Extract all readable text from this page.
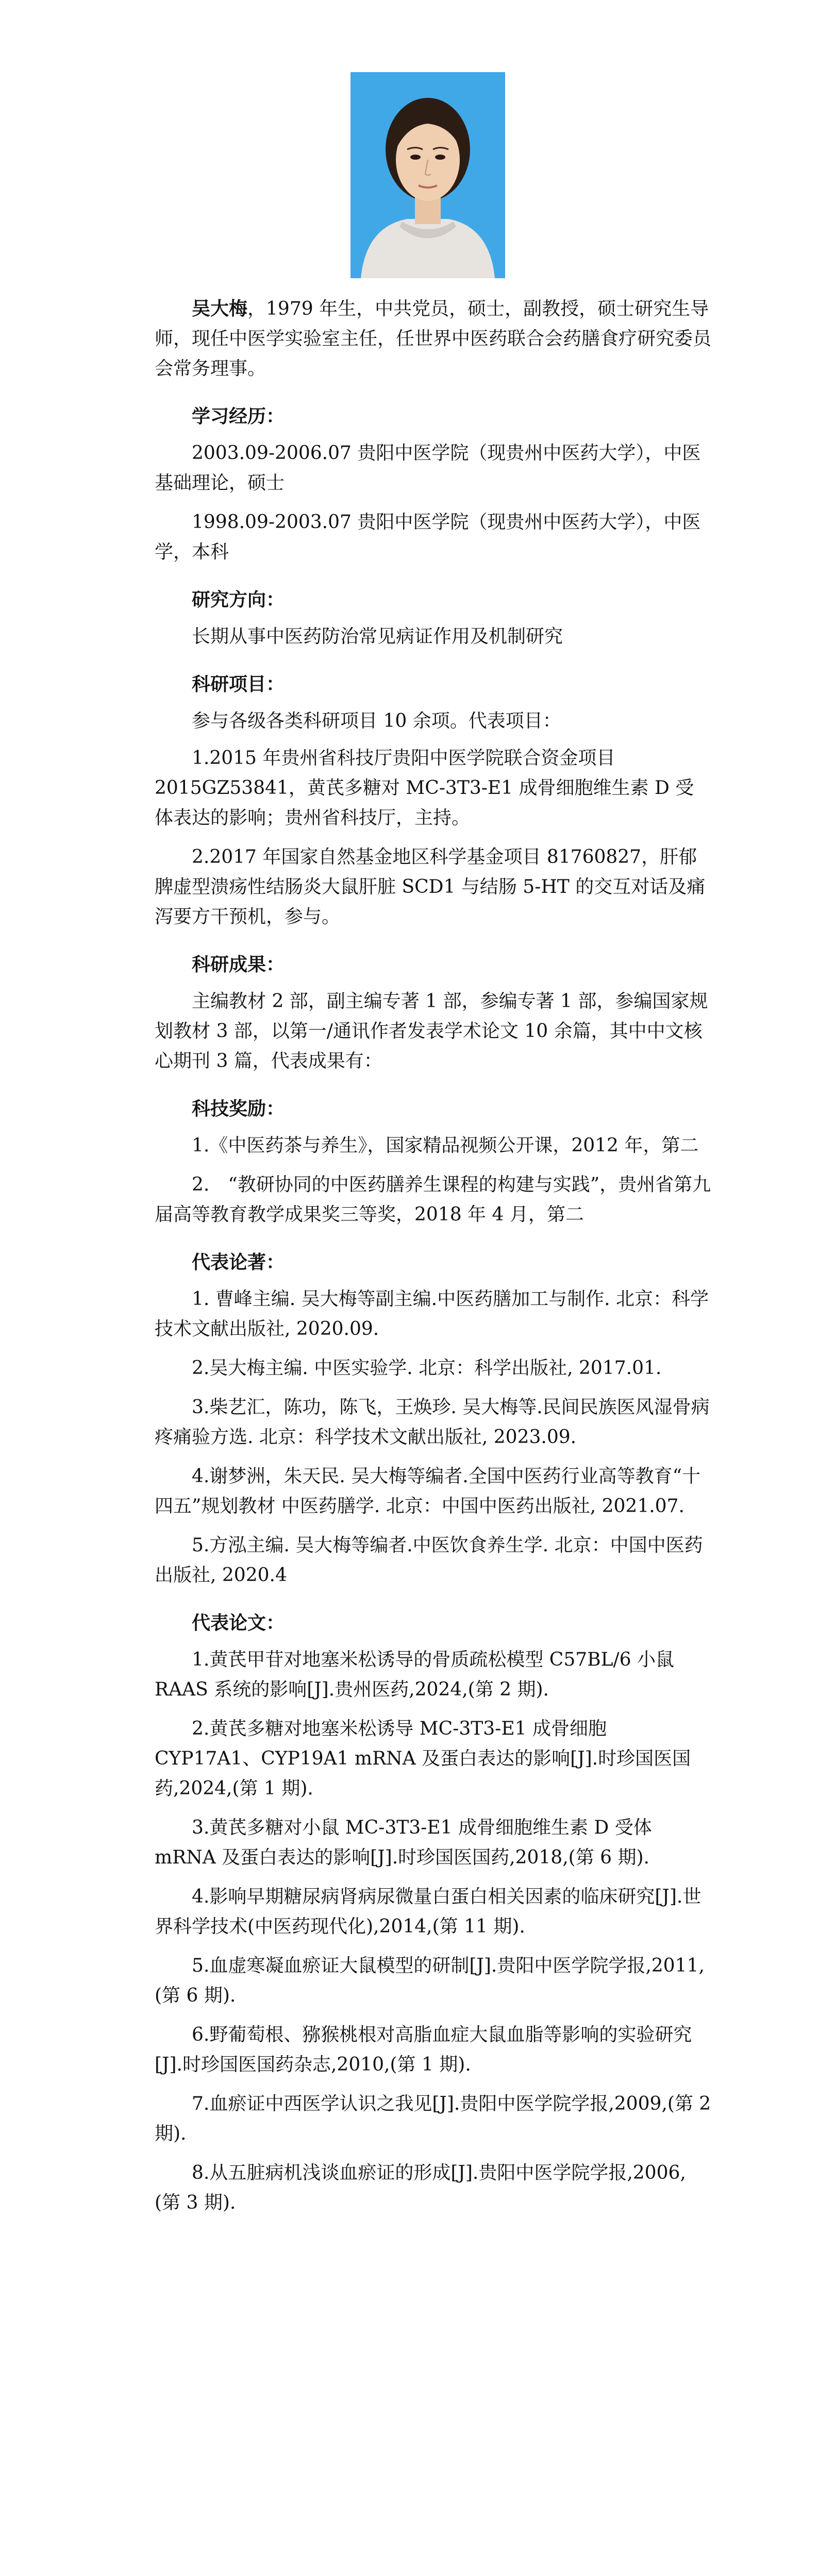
吴大梅，1979 年生，中共党员，硕士，副教授，硕士研究生导师，现任中医学实验室主任，任世界中医药联合会药膳食疗研究委员会常务理事。

学习经历：

2003.09-2006.07 贵阳中医学院（现贵州中医药大学），中医基础理论，硕士

1998.09-2003.07 贵阳中医学院（现贵州中医药大学），中医学，本科

研究方向：

长期从事中医药防治常见病证作用及机制研究

科研项目：

参与各级各类科研项目 10 余项。代表项目：

1.2015 年贵州省科技厅贵阳中医学院联合资金项目 2015GZ53841，黄芪多糖对 MC-3T3-E1 成骨细胞维生素 D 受体表达的影响；贵州省科技厅，主持。

2.2017 年国家自然基金地区科学基金项目 81760827，肝郁脾虚型溃疡性结肠炎大鼠肝脏 SCD1 与结肠 5-HT 的交互对话及痛泻要方干预机，参与。

科研成果：

主编教材 2 部，副主编专著 1 部，参编专著 1 部，参编国家规划教材 3 部，以第一/通讯作者发表学术论文 10 余篇，其中中文核心期刊 3 篇，代表成果有：

科技奖励：

1.《中医药茶与养生》，国家精品视频公开课，2012 年，第二

2.　“教研协同的中医药膳养生课程的构建与实践”，贵州省第九届高等教育教学成果奖三等奖，2018 年 4 月，第二

代表论著：

1. 曹峰主编. 吴大梅等副主编.中医药膳加工与制作. 北京：科学技术文献出版社, 2020.09.

2.吴大梅主编. 中医实验学. 北京：科学出版社, 2017.01.

3.柴艺汇，陈功，陈飞，王焕珍. 吴大梅等.民间民族医风湿骨病疼痛验方选. 北京：科学技术文献出版社, 2023.09.

4.谢梦洲，朱天民. 吴大梅等编者.全国中医药行业高等教育“十四五”规划教材 中医药膳学. 北京：中国中医药出版社, 2021.07.

5.方泓主编. 吴大梅等编者.中医饮食养生学. 北京：中国中医药出版社, 2020.4

代表论文：

1.黄芪甲苷对地塞米松诱导的骨质疏松模型 C57BL/6 小鼠 RAAS 系统的影响[J].贵州医药,2024,(第 2 期).

2.黄芪多糖对地塞米松诱导 MC-3T3-E1 成骨细胞 CYP17A1、CYP19A1 mRNA 及蛋白表达的影响[J].时珍国医国药,2024,(第 1 期).

3.黄芪多糖对小鼠 MC-3T3-E1 成骨细胞维生素 D 受体 mRNA 及蛋白表达的影响[J].时珍国医国药,2018,(第 6 期).

4.影响早期糖尿病肾病尿微量白蛋白相关因素的临床研究[J].世界科学技术(中医药现代化),2014,(第 11 期).

5.血虚寒凝血瘀证大鼠模型的研制[J].贵阳中医学院学报,2011,(第 6 期).

6.野葡萄根、猕猴桃根对高脂血症大鼠血脂等影响的实验研究[J].时珍国医国药杂志,2010,(第 1 期).

7.血瘀证中西医学认识之我见[J].贵阳中医学院学报,2009,(第 2 期).

8.从五脏病机浅谈血瘀证的形成[J].贵阳中医学院学报,2006,(第 3 期).
